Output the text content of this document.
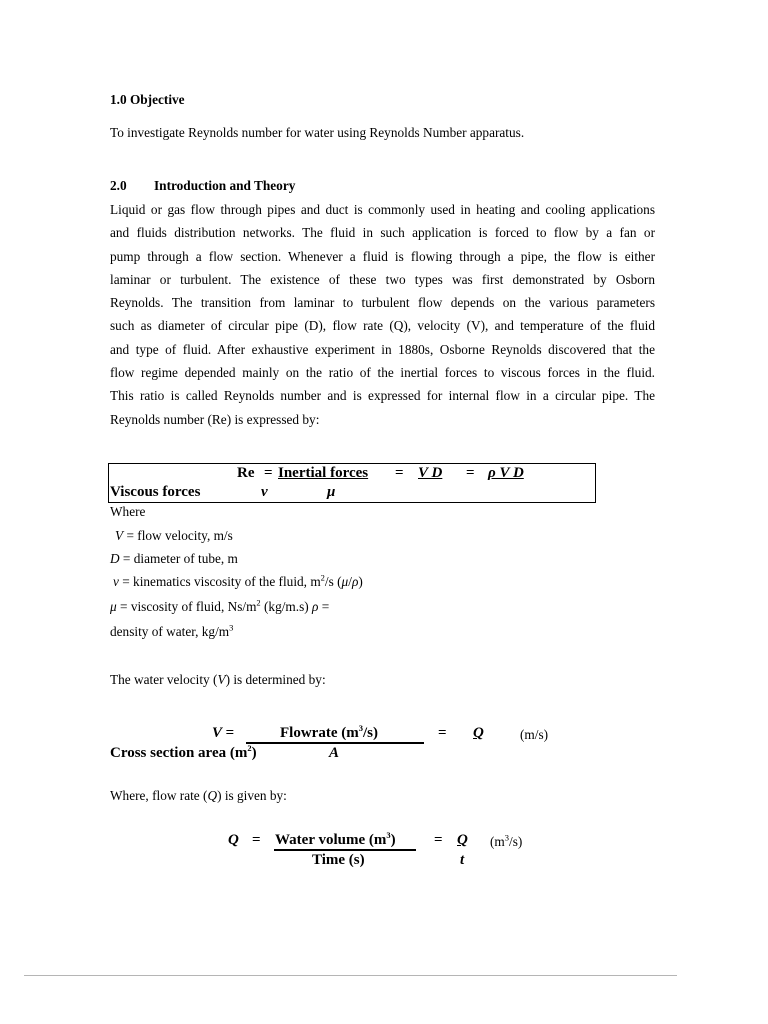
1.0 Objective
To investigate Reynolds number for water using Reynolds Number apparatus.
2.0 Introduction and Theory
Liquid or gas flow through pipes and duct is commonly used in heating and cooling applications
and fluids distribution networks. The fluid in such application is forced to flow by a fan or
pump through a flow section. Whenever a fluid is flowing through a pipe, the flow is either
laminar or turbulent. The existence of these two types was first demonstrated by Osborn
Reynolds. The transition from laminar to turbulent flow depends on the various parameters
such as diameter of circular pipe (D), flow rate (Q), velocity (V), and temperature of the fluid
and type of fluid. After exhaustive experiment in 1880s, Osborne Reynolds discovered that the
flow regime depended mainly on the ratio of the inertial forces to viscous forces in the fluid.
This ratio is called Reynolds number and is expressed for internal flow in a circular pipe. The
Reynolds number (Re) is expressed by:
Re = Inertial forces = V D = ρ V D
Viscous forces	v	μ
Where
V = flow velocity, m/s
D = diameter of tube, m
v = kinematics viscosity of the fluid, $m^2/s$ (μ/ρ)
μ = viscosity of fluid, $Ns/m^2$ (kg/m.s) ρ =
density of water, $kg/m^3$
The water velocity (V) is determined by:
V =	Flowrate $(m^3/s)$	= Q	(m/s)
Cross section area $(m^2)$	A
Where, flow rate (Q) is given by:
Q = Water volume $(m^3)$	= Q $(m^3/s)$
Time (s)	t
